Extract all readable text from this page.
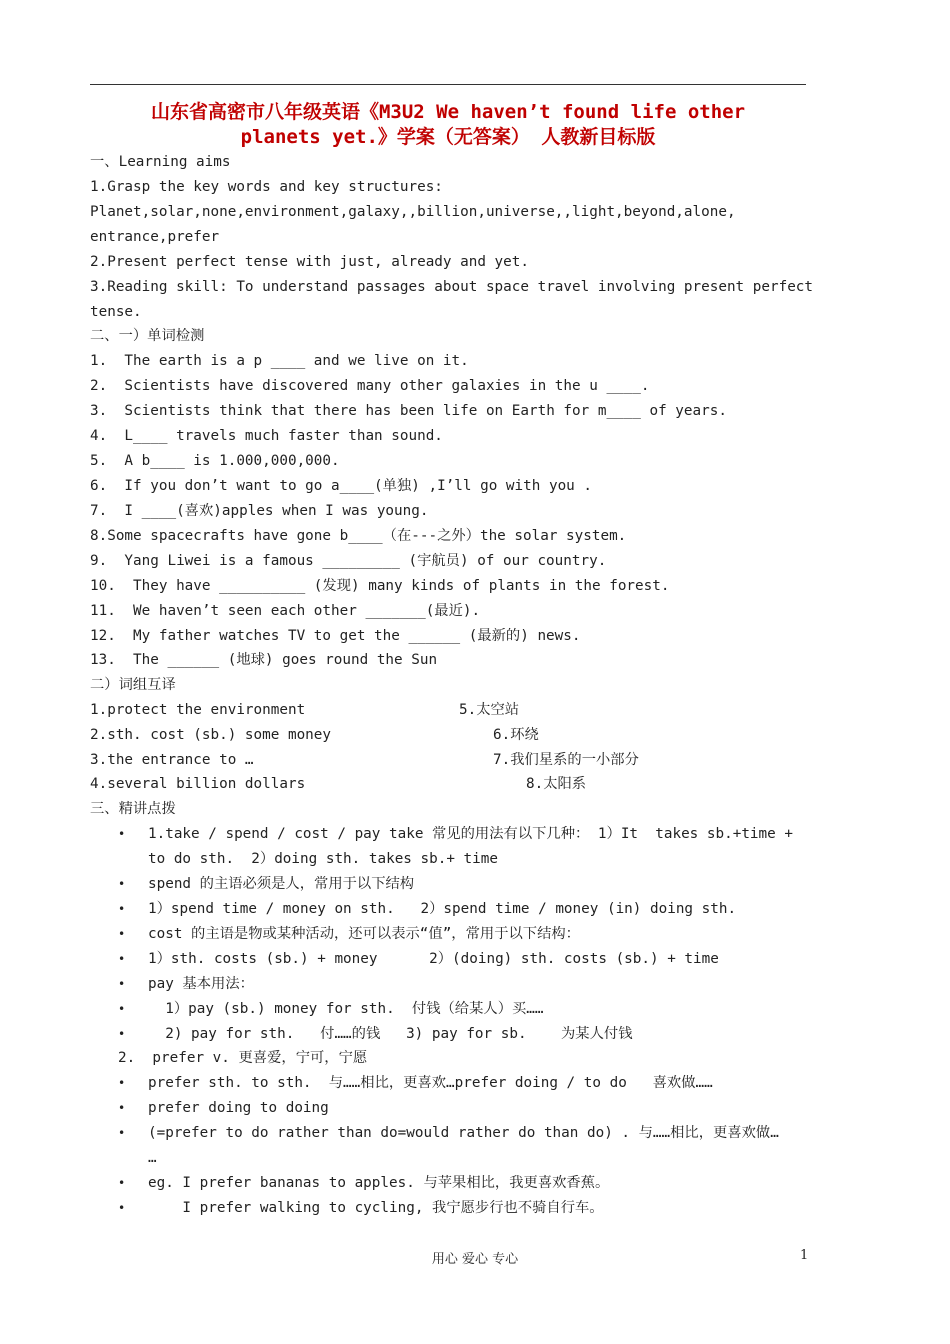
山东省高密市八年级英语《M3U2 We haven’t found life other
planets yet.》学案（无答案） 人教新目标版
一、Learning aims
1.Grasp the key words and key structures:
Planet,solar,none,environment,galaxy,,billion,universe,,light,beyond,alone,
entrance,prefer
2.Present perfect tense with just, already and yet.
3.Reading skill: To understand passages about space travel involving present perfect
tense.
二、一）单词检测
1.  The earth is a p ____ and we live on it.
2.  Scientists have discovered many other galaxies in the u ____.
3.  Scientists think that there has been life on Earth for m____ of years.
4.  L____ travels much faster than sound.
5.  A b____ is 1.000,000,000.
6.  If you don’t want to go a____(单独) ,I’ll go with you .
7.  I ____(喜欢)apples when I was young.
8.Some spacecrafts have gone b____（在---之外）the solar system.
9.  Yang Liwei is a famous _________ (宇航员) of our country.
10.  They have __________ (发现) many kinds of plants in the forest.
11.  We haven’t seen each other _______(最近).
12.  My father watches TV to get the ______ (最新的) news.
13.  The ______ (地球) goes round the Sun
二）词组互译
1.protect the environment
2.sth. cost (sb.) some money
3.the entrance to …
4.several billion dollars
5.太空站
6.环绕
7.我们星系的一小部分
8.太阳系
三、精讲点拨
• 1.take / spend / cost / pay take 常见的用法有以下几种： 1）It  takes sb.+time +
to do sth.  2）doing sth. takes sb.+ time
• spend 的主语必须是人，常用于以下结构
• 1）spend time / money on sth.   2）spend time / money (in) doing sth.
• cost 的主语是物或某种活动，还可以表示“值”，常用于以下结构：
• 1）sth. costs (sb.) + money      2）(doing) sth. costs (sb.) + time
• pay 基本用法：
• 1）pay (sb.) money for sth.  付钱（给某人）买……
• 2) pay for sth.   付……的钱   3) pay for sb.    为某人付钱
2.  prefer v. 更喜爱，宁可，宁愿
• prefer sth. to sth.  与……相比，更喜欢…prefer doing / to do   喜欢做……
• prefer doing to doing
• (=prefer to do rather than do=would rather do than do) . 与……相比，更喜欢做…
…
• eg. I prefer bananas to apples. 与苹果相比，我更喜欢香蕉。
• I prefer walking to cycling, 我宁愿步行也不骑自行车。
用心 爱心 专心	1
